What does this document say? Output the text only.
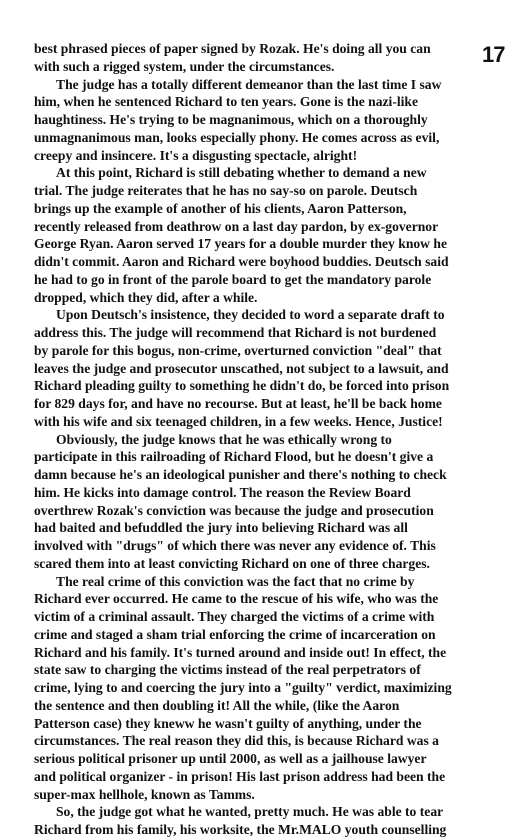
17
best phrased pieces of paper signed by Rozak. He's doing all you can
with such a rigged system, under the circumstances.
The judge has a totally different demeanor than the last time I saw
him, when he sentenced Richard to ten years. Gone is the nazi-like
haughtiness. He's trying to be magnanimous, which on a thoroughly
unmagnanimous man, looks especially phony. He comes across as evil,
creepy and insincere. It's a disgusting spectacle, alright!
At this point, Richard is still debating whether to demand a new
trial. The judge reiterates that he has no say-so on parole. Deutsch
brings up the example of another of his clients, Aaron Patterson,
recently released from deathrow on a last day pardon, by ex-governor
George Ryan. Aaron served 17 years for a double murder they know he
didn't commit. Aaron and Richard were boyhood buddies. Deutsch said
he had to go in front of the parole board to get the mandatory parole
dropped, which they did, after a while.
Upon Deutsch's insistence, they decided to word a separate draft to
address this. The judge will recommend that Richard is not burdened
by parole for this bogus, non-crime, overturned conviction "deal" that
leaves the judge and prosecutor unscathed, not subject to a lawsuit, and
Richard pleading guilty to something he didn't do, be forced into prison
for 829 days for, and have no recourse. But at least, he'll be back home
with his wife and six teenaged children, in a few weeks. Hence, Justice!
Obviously, the judge knows that he was ethically wrong to
participate in this railroading of Richard Flood, but he doesn't give a
damn because he's an ideological punisher and there's nothing to check
him. He kicks into damage control. The reason the Review Board
overthrew Rozak's conviction was because the judge and prosecution
had baited and befuddled the jury into believing Richard was all
involved with "drugs" of which there was never any evidence of. This
scared them into at least convicting Richard on one of three charges.
The real crime of this conviction was the fact that no crime by
Richard ever occurred. He came to the rescue of his wife, who was the
victim of a criminal assault. They charged the victims of a crime with
crime and staged a sham trial enforcing the crime of incarceration on
Richard and his family. It's turned around and inside out! In effect, the
state saw to charging the victims instead of the real perpetrators of
crime, lying to and coercing the jury into a "guilty" verdict, maximizing
the sentence and then doubling it! All the while, (like the Aaron
Patterson case) they kneww he wasn't guilty of anything, under the
circumstances. The real reason they did this, is because Richard was a
serious political prisoner up until 2000, as well as a jailhouse lawyer
and political organizer - in prison! His last prison address had been the
super-max hellhole, known as Tamms.
So, the judge got what he wanted, pretty much. He was able to tear
Richard from his family, his worksite, the Mr.MALO youth counselling
